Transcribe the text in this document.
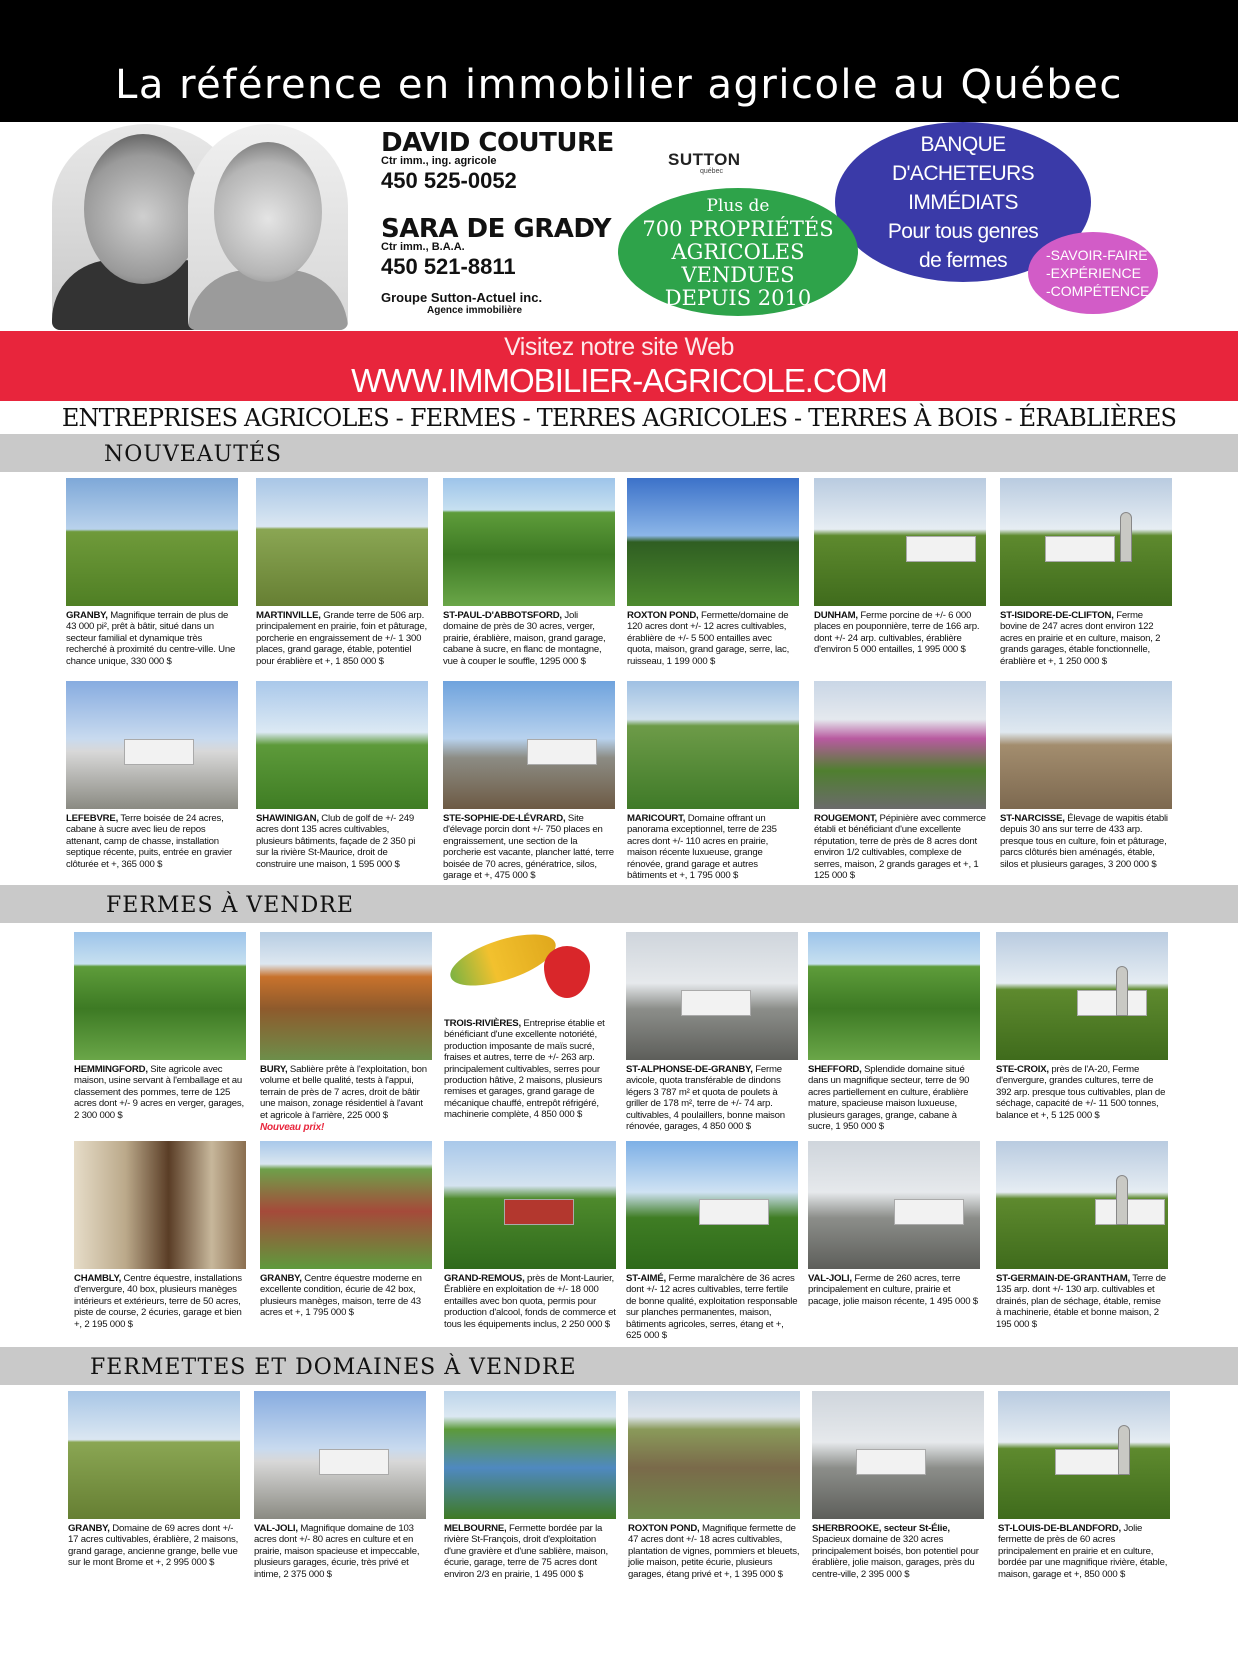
La référence en immobilier agricole au Québec
DAVID COUTURE
Ctr imm., ing. agricole
450 525-0052
SARA DE GRADY
Ctr imm., B.A.A.
450 521-8811
Groupe Sutton-Actuel inc.
Agence immobilière
SUTTON
québec
BANQUE
D'ACHETEURS IMMÉDIATS
Pour tous genres
de fermes
Plus de
700 PROPRIÉTÉS
AGRICOLES VENDUES
DEPUIS 2010
-SAVOIR-FAIRE
-EXPÉRIENCE
-COMPÉTENCE
Visitez notre site Web
WWW.IMMOBILIER-AGRICOLE.COM
ENTREPRISES AGRICOLES - FERMES - TERRES AGRICOLES - TERRES À BOIS - ÉRABLIÈRES
NOUVEAUTÉS
FERMES À VENDRE
FERMETTES ET DOMAINES À VENDRE
GRANBY, Magnifique terrain de plus de 43 000 pi², prêt à bâtir, situé dans un secteur familial et dynamique très recherché à proximité du centre-ville. Une chance unique, 330 000 $
MARTINVILLE, Grande terre de 506 arp. principalement en prairie, foin et pâturage, porcherie en engraissement de +/- 1 300 places, grand garage, étable, potentiel pour érablière et +, 1 850 000 $
ST-PAUL-D'ABBOTSFORD, Joli domaine de près de 30 acres, verger, prairie, érablière, maison, grand garage, cabane à sucre, en flanc de montagne, vue à couper le souffle, 1295 000 $
ROXTON POND, Fermette/domaine de 120 acres dont +/- 12 acres cultivables, érablière de +/- 5 500 entailles avec quota, maison, grand garage, serre, lac, ruisseau, 1 199 000 $
DUNHAM, Ferme porcine de +/- 6 000 places en pouponnière, terre de 166 arp. dont +/- 24 arp. cultivables, érablière d'environ 5 000 entailles, 1 995 000 $
ST-ISIDORE-DE-CLIFTON, Ferme bovine de 247 acres dont environ 122 acres en prairie et en culture, maison, 2 grands garages, étable fonctionnelle, érablière et +, 1 250 000 $
LEFEBVRE, Terre boisée de 24 acres, cabane à sucre avec lieu de repos attenant, camp de chasse, installation septique récente, puits, entrée en gravier clôturée et +, 365 000 $
SHAWINIGAN, Club de golf de +/- 249 acres dont 135 acres cultivables, plusieurs bâtiments, façade de 2 350 pi sur la rivière St-Maurice, droit de construire une maison, 1 595 000 $
STE-SOPHIE-DE-LÉVRARD, Site d'élevage porcin dont +/- 750 places en engraissement, une section de la porcherie est vacante, plancher latté, terre boisée de 70 acres, génératrice, silos, garage et +, 475 000 $
MARICOURT, Domaine offrant un panorama exceptionnel, terre de 235 acres dont +/- 110 acres en prairie, maison récente luxueuse, grange rénovée, grand garage et autres bâtiments et +, 1 795 000 $
ROUGEMONT, Pépinière avec commerce établi et bénéficiant d'une excellente réputation, terre de près de 8 acres dont environ 1/2 cultivables, complexe de serres, maison, 2 grands garages et +, 1 125 000 $
ST-NARCISSE, Élevage de wapitis établi depuis 30 ans sur terre de 433 arp. presque tous en culture, foin et pâturage, parcs clôturés bien aménagés, étable, silos et plusieurs garages, 3 200 000 $
HEMMINGFORD, Site agricole avec maison, usine servant à l'emballage et au classement des pommes, terre de 125 acres dont +/- 9 acres en verger, garages, 2 300 000 $
BURY, Sablière prête à l'exploitation, bon volume et belle qualité, tests à l'appui, terrain de près de 7 acres, droit de bâtir une maison, zonage résidentiel à l'avant et agricole à l'arrière, 225 000 $
Nouveau prix!
TROIS-RIVIÈRES, Entreprise établie et bénéficiant d'une excellente notoriété, production imposante de maïs sucré, fraises et autres, terre de +/- 263 arp. principalement cultivables, serres pour production hâtive, 2 maisons, plusieurs remises et garages, grand garage de mécanique chauffé, entrepôt réfrigéré, machinerie complète, 4 850 000 $
ST-ALPHONSE-DE-GRANBY, Ferme avicole, quota transférable de dindons légers 3 787 m² et quota de poulets à griller de 178 m², terre de +/- 74 arp. cultivables, 4 poulaillers, bonne maison rénovée, garages, 4 850 000 $
SHEFFORD, Splendide domaine situé dans un magnifique secteur, terre de 90 acres partiellement en culture, érablière mature, spacieuse maison luxueuse, plusieurs garages, grange, cabane à sucre, 1 950 000 $
STE-CROIX, près de l'A-20, Ferme d'envergure, grandes cultures, terre de 392 arp. presque tous cultivables, plan de séchage, capacité de +/- 11 500 tonnes, balance et +, 5 125 000 $
CHAMBLY, Centre équestre, installations d'envergure, 40 box, plusieurs manèges intérieurs et extérieurs, terre de 50 acres, piste de course, 2 écuries, garage et bien +, 2 195 000 $
GRANBY, Centre équestre moderne en excellente condition, écurie de 42 box, plusieurs manèges, maison, terre de 43 acres et +, 1 795 000 $
GRAND-REMOUS, près de Mont-Laurier, Érablière en exploitation de +/- 18 000 entailles avec bon quota, permis pour production d'alcool, fonds de commerce et tous les équipements inclus, 2 250 000 $
ST-AIMÉ, Ferme maraîchère de 36 acres dont +/- 12 acres cultivables, terre fertile de bonne qualité, exploitation responsable sur planches permanentes, maison, bâtiments agricoles, serres, étang et +, 625 000 $
VAL-JOLI, Ferme de 260 acres, terre principalement en culture, prairie et pacage, jolie maison récente, 1 495 000 $
ST-GERMAIN-DE-GRANTHAM, Terre de 135 arp. dont +/- 130 arp. cultivables et drainés, plan de séchage, étable, remise à machinerie, étable et bonne maison, 2 195 000 $
GRANBY, Domaine de 69 acres dont +/- 17 acres cultivables, érablière, 2 maisons, grand garage, ancienne grange, belle vue sur le mont Brome et +, 2 995 000 $
VAL-JOLI, Magnifique domaine de 103 acres dont +/- 80 acres en culture et en prairie, maison spacieuse et impeccable, plusieurs garages, écurie, très privé et intime, 2 375 000 $
MELBOURNE, Fermette bordée par la rivière St-François, droit d'exploitation d'une gravière et d'une sablière, maison, écurie, garage, terre de 75 acres dont environ 2/3 en prairie, 1 495 000 $
ROXTON POND, Magnifique fermette de 47 acres dont +/- 18 acres cultivables, plantation de vignes, pommiers et bleuets, jolie maison, petite écurie, plusieurs garages, étang privé et +, 1 395 000 $
SHERBROOKE, secteur St-Élie, Spacieux domaine de 320 acres principalement boisés, bon potentiel pour érablière, jolie maison, garages, près du centre-ville, 2 395 000 $
ST-LOUIS-DE-BLANDFORD, Jolie fermette de près de 60 acres principalement en prairie et en culture, bordée par une magnifique rivière, étable, maison, garage et +, 850 000 $
